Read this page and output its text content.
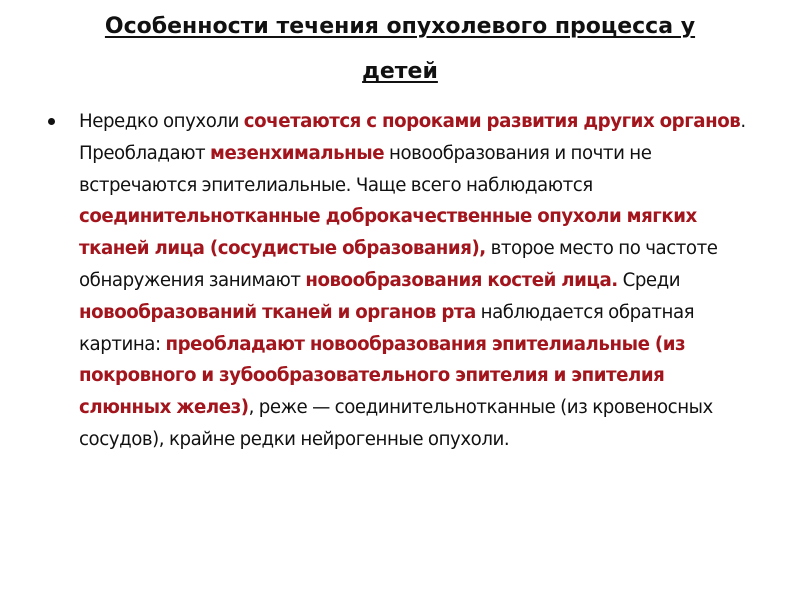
Особенности течения опухолевого процесса у
детей
Нередко опухоли сочетаются с пороками развития других органов. Преобладают мезенхимальные новообразования и почти не встречаются эпителиальные. Чаще всего наблюдаются соединительнотканные доброкачественные опухоли мягких тканей лица (сосудистые образования), второе место по частоте обнаружения занимают новообразования костей лица. Среди новообразований тканей и органов рта наблюдается обратная картина: преобладают новообразования эпителиальные (из покровного и зубообразовательного эпителия и эпителия слюнных желез), реже — соединительнотканные (из кровеносных сосудов), крайне редки нейрогенные опухоли.
